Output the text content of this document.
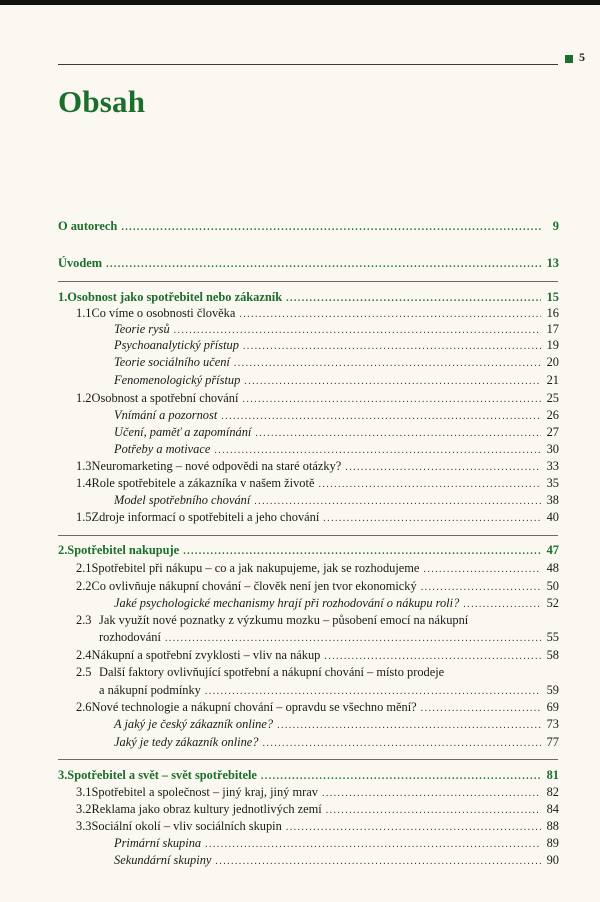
5
Obsah
O autorech .....	9
Úvodem .....	13
1. Osobnost jako spotřebitel nebo zákazník .....	15
1.1 Co víme o osobnosti člověka .....	16
Teorie rysů .....	17
Psychoanalytický přístup .....	19
Teorie sociálního učení .....	20
Fenomenologický přístup .....	21
1.2 Osobnost a spotřební chování .....	25
Vnímání a pozornost .....	26
Učení, paměť a zapomínání .....	27
Potřeby a motivace .....	30
1.3 Neuromarketing – nové odpovědi na staré otázky? .....	33
1.4 Role spotřebitele a zákazníka v našem životě .....	35
Model spotřebního chování .....	38
1.5 Zdroje informací o spotřebiteli a jeho chování .....	40
2. Spotřebitel nakupuje .....	47
2.1 Spotřebitel při nákupu – co a jak nakupujeme, jak se rozhodujeme .....	48
2.2 Co ovlivňuje nákupní chování – člověk není jen tvor ekonomický .....	50
Jaké psychologické mechanismy hrají při rozhodování o nákupu roli? .....	52
2.3 Jak využít nové poznatky z výzkumu mozku – působení emocí na nákupní
rozhodování .....	55
2.4 Nákupní a spotřební zvyklosti – vliv na nákup .....	58
2.5 Další faktory ovlivňující spotřební a nákupní chování – místo prodeje
a nákupní podmínky .....	59
2.6 Nové technologie a nákupní chování – opravdu se všechno mění? .....	69
A jaký je český zákazník online? .....	73
Jaký je tedy zákazník online? .....	77
3. Spotřebitel a svět – svět spotřebitele .....	81
3.1 Spotřebitel a společnost – jiný kraj, jiný mrav .....	82
3.2 Reklama jako obraz kultury jednotlivých zemí .....	84
3.3 Sociální okolí – vliv sociálních skupin .....	88
Primární skupina .....	89
Sekundární skupiny .....	90
